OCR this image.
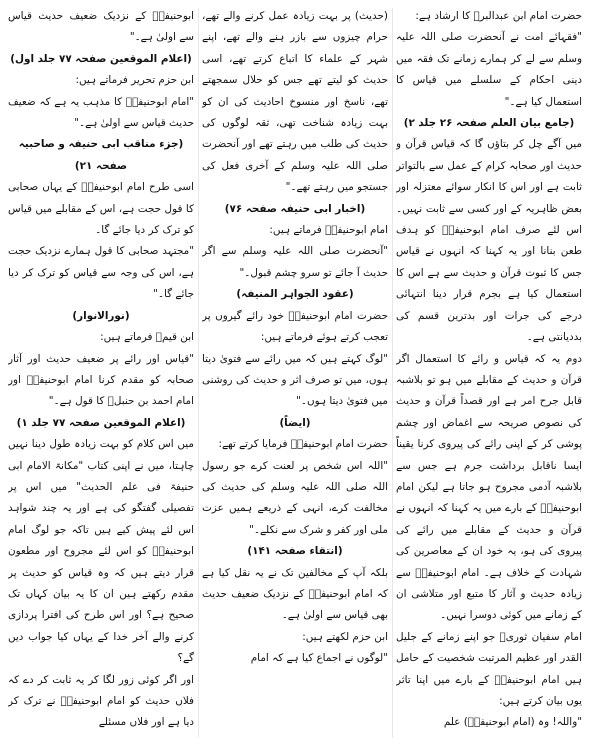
حضرت امام ابن عبدالبرؒ کا ارشاد ہے:
"فقہائے امت نے آنحضرت صلی اللہ علیہ وسلم سے لے کر ہمارے زمانے تک فقہ میں دینی احکام کے سلسلے میں قیاس کا استعمال کیا ہے۔"
(جامع بیان العلم صفحہ ۲۶ جلد ۲)
میں آگے چل کر بتاؤں گا کہ قیاس قرآن و حدیث اور صحابہ کرام کے عمل سے بالتواتر ثابت ہے اور اس کا انکار سوائے معتزلہ اور بعض ظاہریہ کے اور کسی سے ثابت نہیں۔ اس لئے صرف امام ابوحنیفہؒ کو ہدف طعن بنانا اور یہ کہنا کہ انہوں نے قیاس جس کا ثبوت قرآن و حدیث سے ہے اس کا استعمال کیا ہے بجرم قرار دینا انتہائی درجے کی جرات اور بدترین قسم کی بددیانتی ہے۔
دوم یہ کہ قیاس و رائے کا استعمال اگر قرآن و حدیث کے مقابلے میں ہو تو بلاشبہ قابل جرح امر ہے اور قصداً قرآن و حدیث کی نصوص صریحہ سے اغماض اور چشم پوشی کر کے اپنی رائے کی پیروی کرنا یقیناً ایسا ناقابل برداشت جرم ہے جس سے بلاشبہ آدمی مجروح ہو جاتا ہے لیکن امام ابوحنیفہؒ کے بارے میں یہ کہنا کہ انہوں نے قرآن و حدیث کے مقابلے میں رائے کی پیروی کی ہو، یہ خود ان کے معاصرین کی شہادت کے خلاف ہے۔ امام ابوحنیفہؒ سے زیادہ حدیث و آثار کا متبع اور متلاشی ان کے زمانے میں کوئی دوسرا نہیں۔
امام سفیان ثوریؒ جو اپنے زمانے کے جلیل القدر اور عظیم المرتبت شخصیت کے حامل ہیں امام ابوحنیفہؒ کے بارے میں اپنا تاثر یوں بیان کرتے ہیں:
"واللہ! وہ (امام ابوحنیفہؒ) علم
(حدیث) پر بہت زیادہ عمل کرنے والے تھے، حرام چیزوں سے بازر ہنے والے تھے، اپنے شہر کے علماء کا اتباع کرتے تھے، اسی حدیث کو لیتے تھے جس کو حلال سمجھتے تھے، ناسخ اور منسوخ احادیث کی ان کو بہت زیادہ شناخت تھی، ثقہ لوگوں کی حدیث کی طلب میں رہتے تھے اور آنحضرت صلی اللہ علیہ وسلم کے آخری فعل کی جستجو میں رہتے تھے۔"
(اخبار ابی حنیفہ صفحہ ۷۶)
امام ابوحنیفہؒ فرماتے ہیں:
"آنحضرت صلی اللہ علیہ وسلم سے اگر حدیث آ جائے تو سرو چشم قبول۔"
(عقود الجواہر المنیفہ)
حضرت امام ابوحنیفہؒ خود رائے گیروں پر تعجب کرتے ہوئے فرماتے ہیں:
"لوگ کہتے ہیں کہ میں رائے سے فتویٰ دیتا ہوں، میں تو صرف اثر و حدیث کی روشنی میں فتویٰ دیتا ہوں۔"
(ایضاً)
حضرت امام ابوحنیفہؒ فرمایا کرتے تھے:
"اللہ اس شخص پر لعنت کرے جو رسول اللہ صلی اللہ علیہ وسلم کی حدیث کی مخالفت کرے، انہی کے ذریعے ہمیں عزت ملی اور کفر و شرک سے نکلے۔"
(انتقاء صفحہ ۱۴۱)
بلکہ آپ کے مخالفین تک نے یہ نقل کیا ہے کہ امام ابوحنیفہؒ کے نزدیک ضعیف حدیث بھی قیاس سے اولیٰ ہے۔
ابن حزم لکھتے ہیں:
"لوگوں نے اجماع کیا ہے کہ امام
ابوحنیفہؒ کے نزدیک ضعیف حدیث قیاس سے اولیٰ ہے۔"
(اعلام الموقعین صفحہ ۷۷ جلد اول)
ابن حزم تحریر فرماتے ہیں:
"امام ابوحنیفہؒ کا مذہب یہ ہے کہ ضعیف حدیث قیاس سے اولیٰ ہے۔"
(جزء مناقب ابی حنیفہ و صاحبیہ صفحہ ۲۱)
اسی طرح امام ابوحنیفہؒ کے یہاں صحابی کا قول حجت ہے، اس کے مقابلے میں قیاس کو ترک کر دیا جائے گا۔
"مجتہد صحابی کا قول ہمارے نزدیک حجت ہے، اس کی وجہ سے قیاس کو ترک کر دیا جائے گا۔"
(نورالانوار)
ابن قیمؒ فرماتے ہیں:
"قیاس اور رائے پر ضعیف حدیث اور آثار صحابہ کو مقدم کرنا امام ابوحنیفہؒ اور امام احمد بن حنبلؒ کا قول ہے۔"
(اعلام الموقعین صفحہ ۷۷ جلد ۱)
میں اس کلام کو بہت زیادہ طول دینا نہیں چاہتا، میں نے اپنی کتاب "مکانۃ الامام ابی حنیفۃ فی علم الحدیث" میں اس پر تفصیلی گفتگو کی ہے اور یہ چند شواہد اس لئے پیش کیے ہیں تاکہ جو لوگ امام ابوحنیفہؒ کو اس لئے مجروح اور مطعون قرار دیتے ہیں کہ وہ قیاس کو حدیث پر مقدم رکھتے ہیں ان کا یہ بیان کہاں تک صحیح ہے؟ اور اس طرح کی افترا پردازی کرنے والے آخر خدا کے یہاں کیا جواب دیں گے؟
اور اگر کوئی زور لگا کر یہ ثابت کر دے کہ فلاں حدیث کو امام ابوحنیفہؒ نے ترک کر دیا ہے اور فلاں مسئلے
